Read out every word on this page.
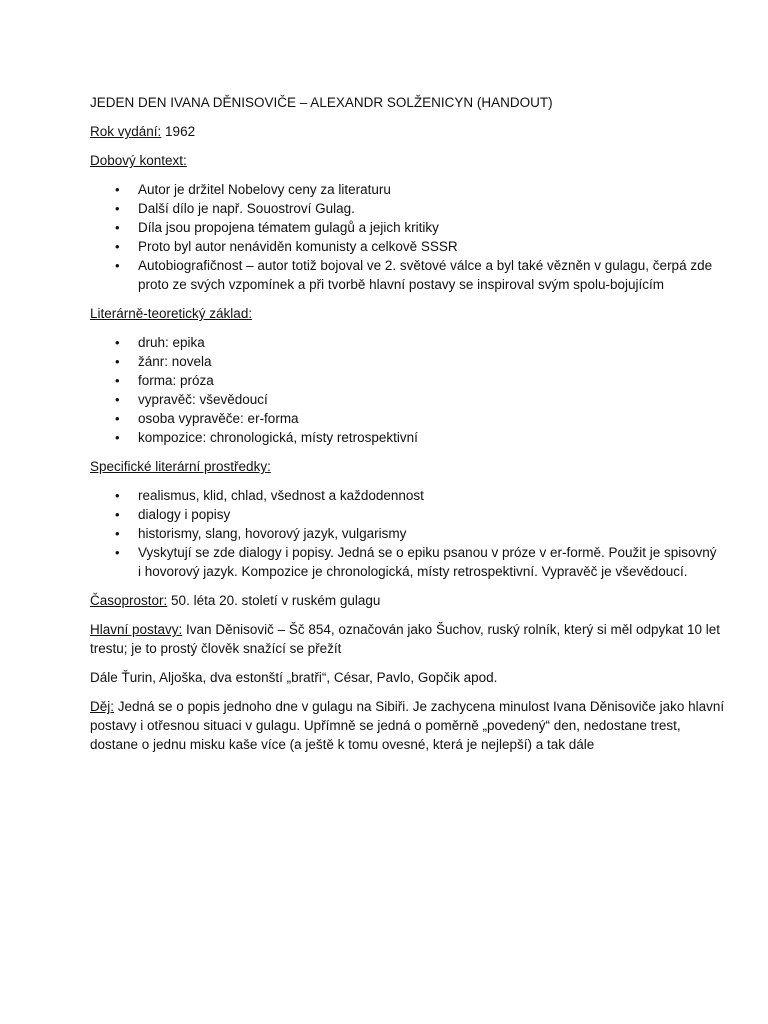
JEDEN DEN IVANA DĚNISOVIČE – ALEXANDR SOLŽENICYN (HANDOUT)

Rok vydání: 1962

Dobový kontext:

• Autor je držitel Nobelovy ceny za literaturu
• Další dílo je např. Souostroví Gulag.
• Díla jsou propojena tématem gulagů a jejich kritiky
• Proto byl autor nenáviděn komunisty a celkově SSSR
• Autobiografičnost – autor totiž bojoval ve 2. světové válce a byl také vězněn v gulagu, čerpá zde
proto ze svých vzpomínek a při tvorbě hlavní postavy se inspiroval svým spolu-bojujícím

Literárně-teoretický základ:

• druh: epika
• žánr: novela
• forma: próza
• vypravěč: vševědoucí
• osoba vypravěče: er-forma
• kompozice: chronologická, místy retrospektivní

Specifické literární prostředky:

• realismus, klid, chlad, všednost a každodennost
• dialogy i popisy
• historismy, slang, hovorový jazyk, vulgarismy
• Vyskytují se zde dialogy i popisy. Jedná se o epiku psanou v próze v er-formě. Použit je spisovný
i hovorový jazyk. Kompozice je chronologická, místy retrospektivní. Vypravěč je vševědoucí.

Časoprostor: 50. léta 20. století v ruském gulagu

Hlavní postavy: Ivan Děnisovič – Šč 854, označován jako Šuchov, ruský rolník, který si měl odpykat 10 let
trestu; je to prostý člověk snažící se přežít

Dále Ťurin, Aljoška, dva estonští „bratři“, César, Pavlo, Gopčik apod.

Děj: Jedná se o popis jednoho dne v gulagu na Sibiři. Je zachycena minulost Ivana Děnisoviče jako hlavní
postavy i otřesnou situaci v gulagu. Upřímně se jedná o poměrně „povedený“ den, nedostane trest,
dostane o jednu misku kaše více (a ještě k tomu ovesné, která je nejlepší) a tak dále
